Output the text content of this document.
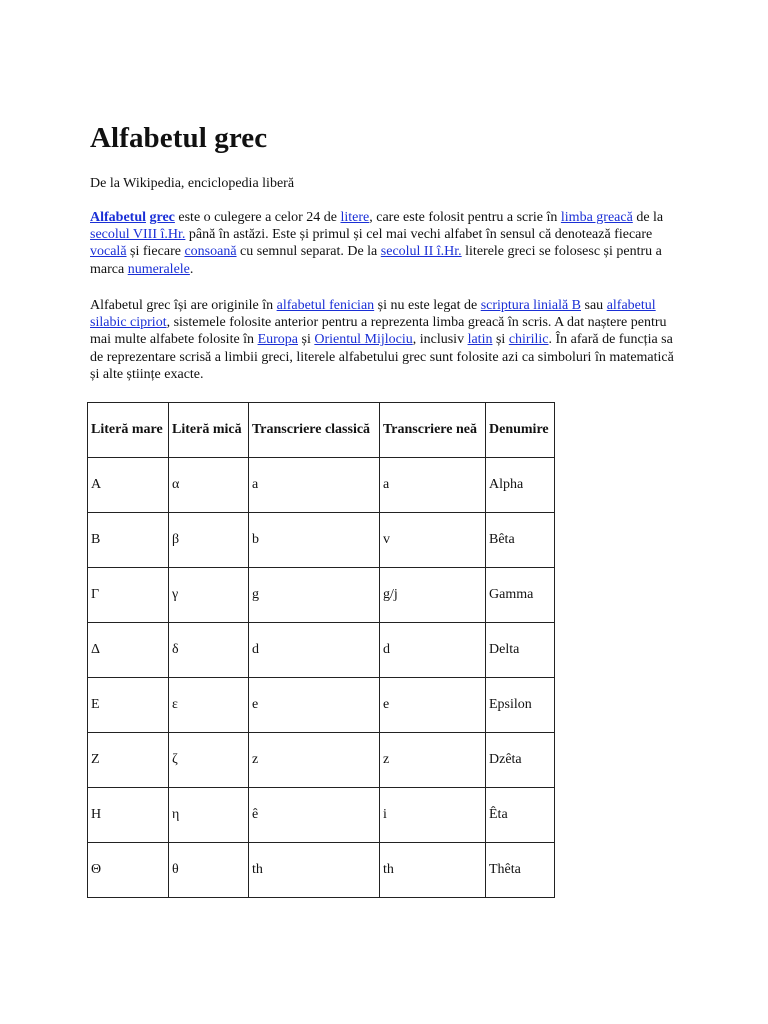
Alfabetul grec
De la Wikipedia, enciclopedia liberă

Alfabetul grec este o culegere a celor 24 de litere, care este folosit pentru a scrie în limba greacă de la secolul VIII î.Hr. până în astăzi. Este și primul și cel mai vechi alfabet în sensul că denotează fiecare vocală și fiecare consoană cu semnul separat. De la secolul II î.Hr. literele greci se folosesc și pentru a marca numeralele.

Alfabetul grec își are originile în alfabetul fenician și nu este legat de scriptura linială B sau alfabetul silabic cipriot, sistemele folosite anterior pentru a reprezenta limba greacă în scris. A dat naștere pentru mai multe alfabete folosite în Europa și Orientul Mijlociu, inclusiv latin și chirilic. În afară de funcția sa de reprezentare scrisă a limbii greci, literele alfabetului grec sunt folosite azi ca simboluri în matematică și alte științe exacte.

Literă mare	Literă mică	Transcriere classică	Transcriere neă	Denumire
Α	α	a	a	Alpha
Β	β	b	v	Bêta
Γ	γ	g	g/j	Gamma
Δ	δ	d	d	Delta
Ε	ε	e	e	Epsilon
Ζ	ζ	z	z	Dzêta
Η	η	ê	i	Êta
Θ	θ	th	th	Thêta
